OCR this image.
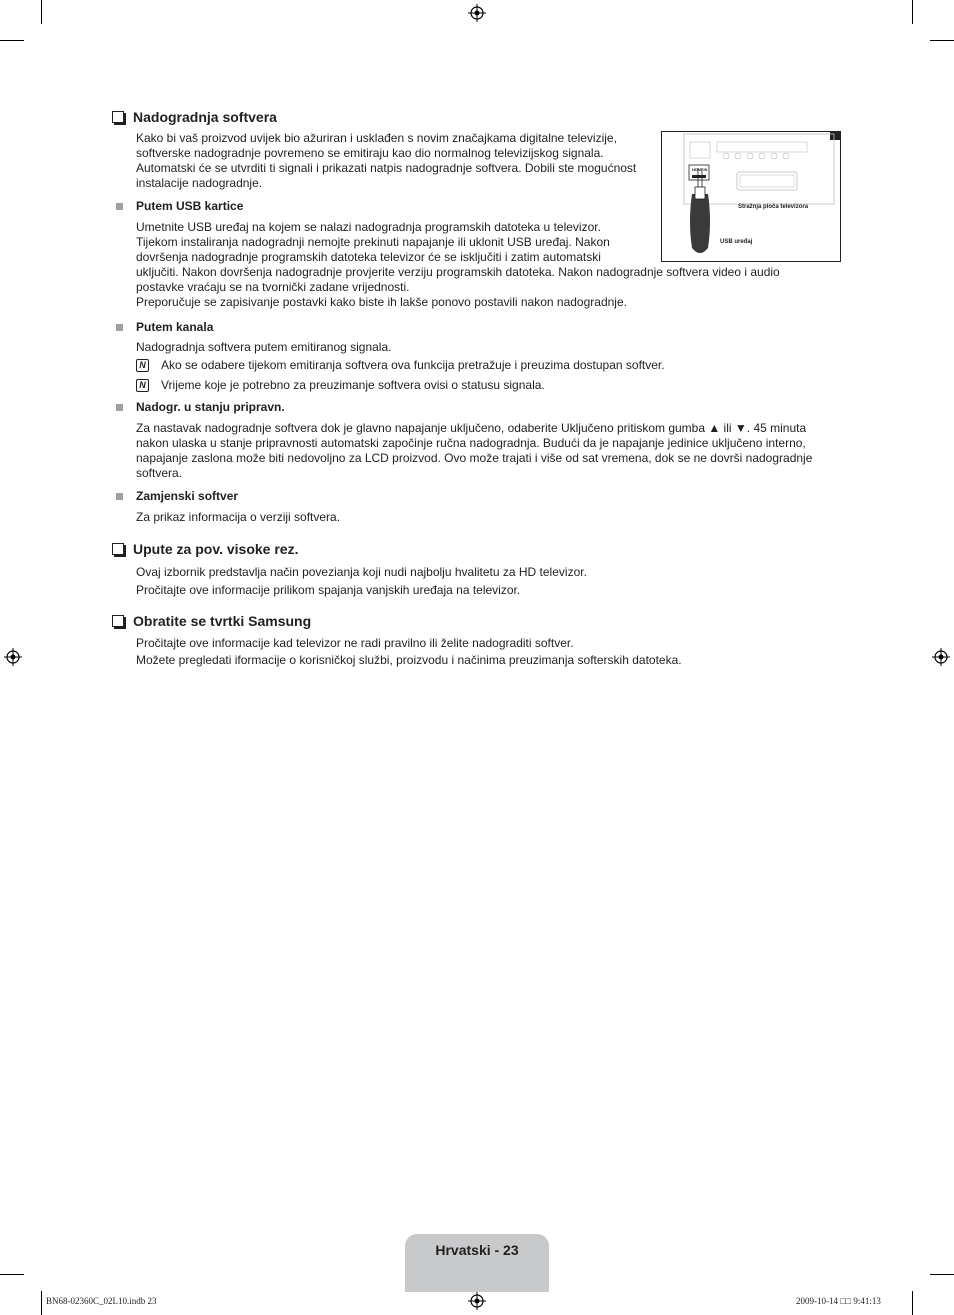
Nadogradnja softvera
Kako bi vaš proizvod uvijek bio ažuriran i usklađen s novim značajkama digitalne televizije,
softverske nadogradnje povremeno se emitiraju kao dio normalnog televizijskog signala.
Automatski će se utvrditi ti signali i prikazati natpis nadogradnje softvera. Dobili ste mogućnost
instalacije nadogradnje.
HDMI IN
Stražnja ploča televizora
USB uređaj
Putem USB kartice
Umetnite USB uređaj na kojem se nalazi nadogradnja programskih datoteka u televizor.
Tijekom instaliranja nadogradnji nemojte prekinuti napajanje ili uklonit USB uređaj. Nakon
dovršenja nadogradnje programskih datoteka televizor će se isključiti i zatim automatski
uključiti. Nakon dovršenja nadogradnje provjerite verziju programskih datoteka. Nakon nadogradnje softvera video i audio
postavke vraćaju se na tvornički zadane vrijednosti.
Preporučuje se zapisivanje postavki kako biste ih lakše ponovo postavili nakon nadogradnje.
Putem kanala
Nadogradnja softvera putem emitiranog signala.
N Ako se odabere tijekom emitiranja softvera ova funkcija pretražuje i preuzima dostupan softver.
N Vrijeme koje je potrebno za preuzimanje softvera ovisi o statusu signala.
Nadogr. u stanju pripravn.
Za nastavak nadogradnje softvera dok je glavno napajanje uključeno, odaberite Uključeno pritiskom gumba ▲ ili ▼. 45 minuta
nakon ulaska u stanje pripravnosti automatski započinje ručna nadogradnja. Budući da je napajanje jedinice uključeno interno,
napajanje zaslona može biti nedovoljno za LCD proizvod. Ovo može trajati i više od sat vremena, dok se ne dovrši nadogradnje
softvera.
Zamjenski softver
Za prikaz informacija o verziji softvera.
Upute za pov. visoke rez.
Ovaj izbornik predstavlja način povezianja koji nudi najbolju hvalitetu za HD televizor.
Pročitajte ove informacije prilikom spajanja vanjskih uređaja na televizor.
Obratite se tvrtki Samsung
Pročitajte ove informacije kad televizor ne radi pravilno ili želite nadograditi softver.
Možete pregledati iformacije o korisničkoj službi, proizvodu i načinima preuzimanja softerskih datoteka.
Hrvatski - 23
BN68-02360C_02L10.indb 23	2009-10-14 □□ 9:41:13
